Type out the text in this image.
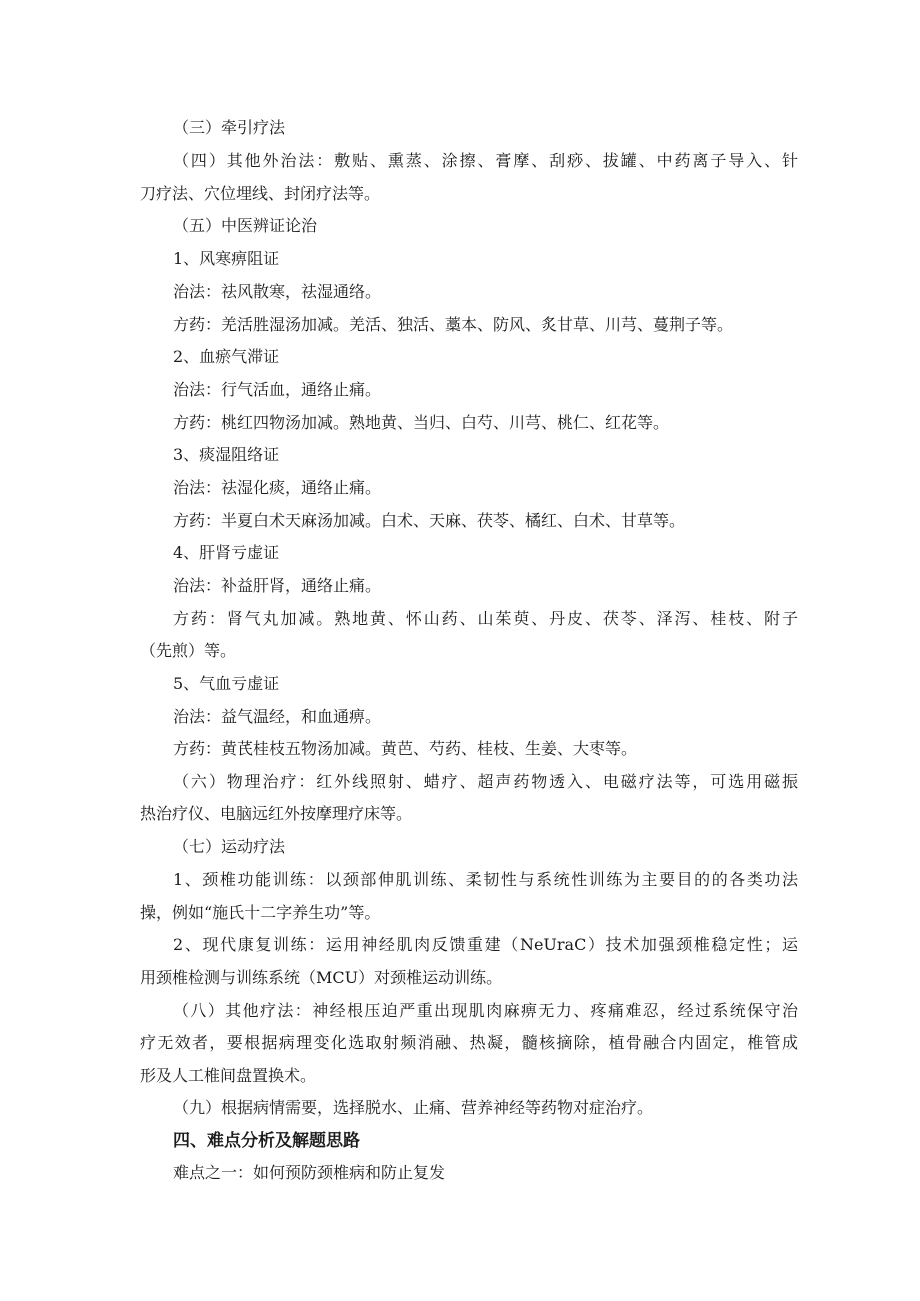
（三）牵引疗法
（四）其他外治法：敷贴、熏蒸、涂擦、膏摩、刮痧、拔罐、中药离子导入、针
刀疗法、穴位埋线、封闭疗法等。
（五）中医辨证论治
1、风寒痹阻证
治法：祛风散寒，祛湿通络。
方药：羌活胜湿汤加减。羌活、独活、藁本、防风、炙甘草、川芎、蔓荆子等。
2、血瘀气滞证
治法：行气活血，通络止痛。
方药：桃红四物汤加减。熟地黄、当归、白芍、川芎、桃仁、红花等。
3、痰湿阻络证
治法：祛湿化痰，通络止痛。
方药：半夏白术天麻汤加减。白术、天麻、茯苓、橘红、白术、甘草等。
4、肝肾亏虚证
治法：补益肝肾，通络止痛。
方药：肾气丸加减。熟地黄、怀山药、山茱萸、丹皮、茯苓、泽泻、桂枝、附子
（先煎）等。
5、气血亏虚证
治法：益气温经，和血通痹。
方药：黄芪桂枝五物汤加减。黄芭、芍药、桂枝、生姜、大枣等。
（六）物理治疗：红外线照射、蜡疗、超声药物透入、电磁疗法等，可选用磁振
热治疗仪、电脑远红外按摩理疗床等。
（七）运动疗法
1、颈椎功能训练：以颈部伸肌训练、柔韧性与系统性训练为主要目的的各类功法
操，例如“施氏十二字养生功”等。
2、现代康复训练：运用神经肌肉反馈重建（NeUraC）技术加强颈椎稳定性；运
用颈椎检测与训练系统（MCU）对颈椎运动训练。
（八）其他疗法：神经根压迫严重出现肌肉麻痹无力、疼痛难忍，经过系统保守治
疗无效者，要根据病理变化选取射频消融、热凝，髓核摘除，植骨融合内固定，椎管成
形及人工椎间盘置换术。
（九）根据病情需要，选择脱水、止痛、营养神经等药物对症治疗。
四、难点分析及解题思路
难点之一：如何预防颈椎病和防止复发
